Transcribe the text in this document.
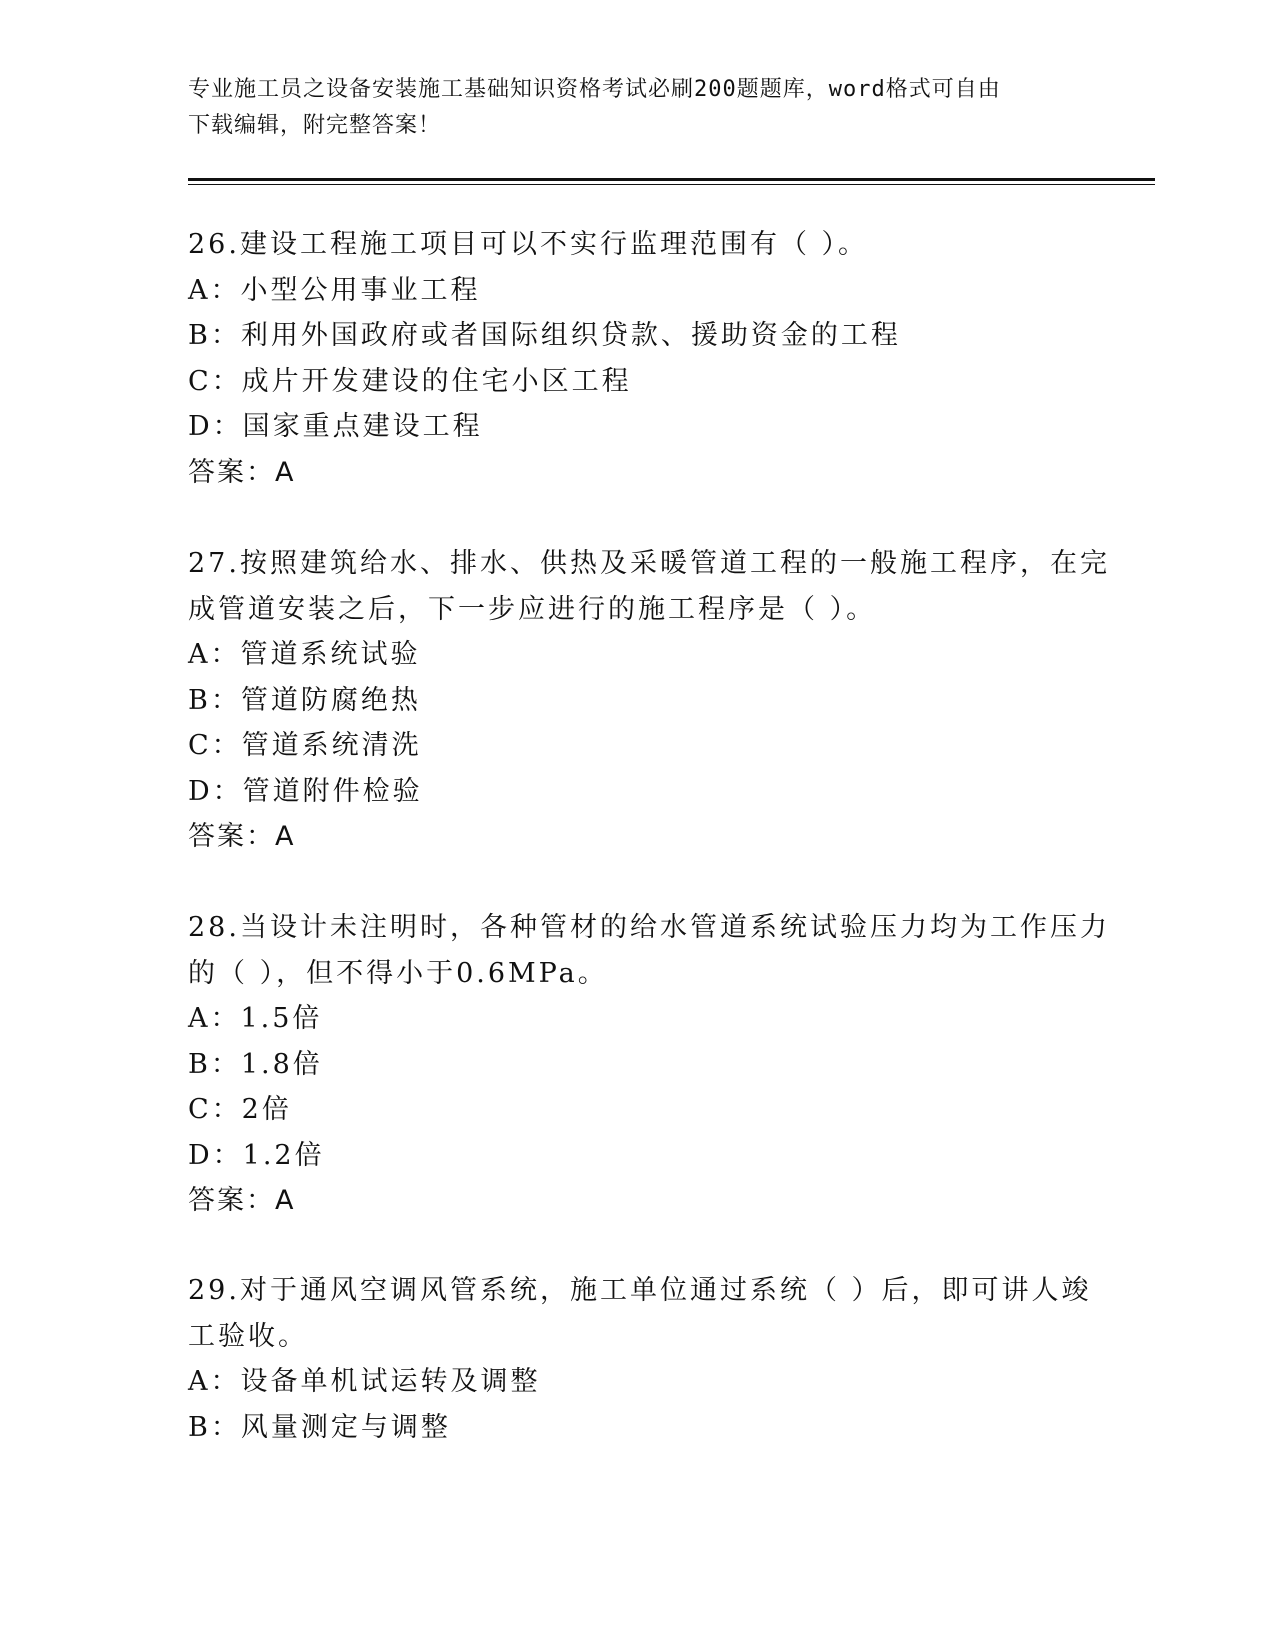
专业施工员之设备安装施工基础知识资格考试必刷200题题库，word格式可自由
下载编辑，附完整答案！
26.建设工程施工项目可以不实行监理范围有（ ）。
A：小型公用事业工程
B：利用外国政府或者国际组织贷款、援助资金的工程
C：成片开发建设的住宅小区工程
D：国家重点建设工程
答案：A
27.按照建筑给水、排水、供热及采暖管道工程的一般施工程序，在完
成管道安装之后，下一步应进行的施工程序是（ ）。
A：管道系统试验
B：管道防腐绝热
C：管道系统清洗
D：管道附件检验
答案：A
28.当设计未注明时，各种管材的给水管道系统试验压力均为工作压力
的（ ），但不得小于0.6MPa。
A：1.5倍
B：1.8倍
C：2倍
D：1.2倍
答案：A
29.对于通风空调风管系统，施工单位通过系统（ ）后，即可讲人竣
工验收。
A：设备单机试运转及调整
B：风量测定与调整
